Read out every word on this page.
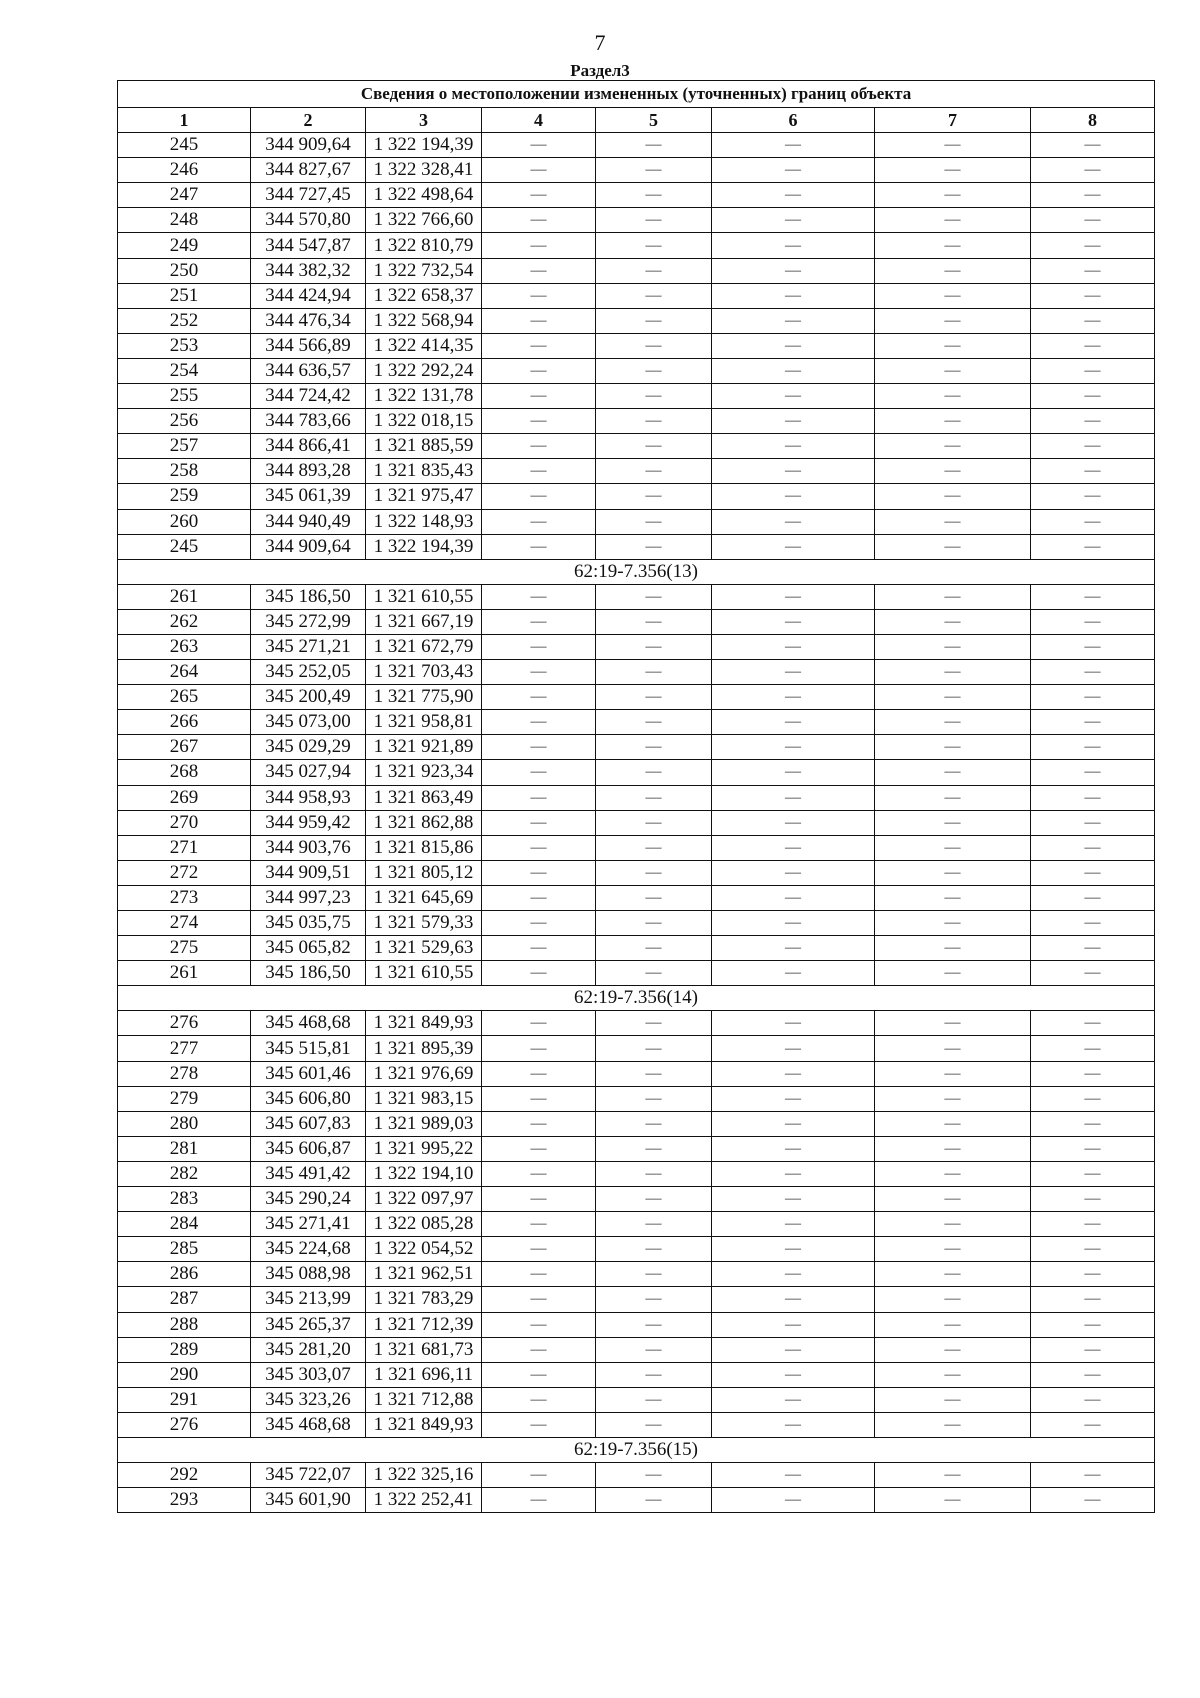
7
Раздел3
Сведения о местоположении измененных (уточненных) границ объекта							
1	2	3	4	5	6	7	8
245	344 909,64	1 322 194,39	—	—	—	—	—
246	344 827,67	1 322 328,41	—	—	—	—	—
247	344 727,45	1 322 498,64	—	—	—	—	—
248	344 570,80	1 322 766,60	—	—	—	—	—
249	344 547,87	1 322 810,79	—	—	—	—	—
250	344 382,32	1 322 732,54	—	—	—	—	—
251	344 424,94	1 322 658,37	—	—	—	—	—
252	344 476,34	1 322 568,94	—	—	—	—	—
253	344 566,89	1 322 414,35	—	—	—	—	—
254	344 636,57	1 322 292,24	—	—	—	—	—
255	344 724,42	1 322 131,78	—	—	—	—	—
256	344 783,66	1 322 018,15	—	—	—	—	—
257	344 866,41	1 321 885,59	—	—	—	—	—
258	344 893,28	1 321 835,43	—	—	—	—	—
259	345 061,39	1 321 975,47	—	—	—	—	—
260	344 940,49	1 322 148,93	—	—	—	—	—
245	344 909,64	1 322 194,39	—	—	—	—	—
62:19-7.356(13)							
261	345 186,50	1 321 610,55	—	—	—	—	—
262	345 272,99	1 321 667,19	—	—	—	—	—
263	345 271,21	1 321 672,79	—	—	—	—	—
264	345 252,05	1 321 703,43	—	—	—	—	—
265	345 200,49	1 321 775,90	—	—	—	—	—
266	345 073,00	1 321 958,81	—	—	—	—	—
267	345 029,29	1 321 921,89	—	—	—	—	—
268	345 027,94	1 321 923,34	—	—	—	—	—
269	344 958,93	1 321 863,49	—	—	—	—	—
270	344 959,42	1 321 862,88	—	—	—	—	—
271	344 903,76	1 321 815,86	—	—	—	—	—
272	344 909,51	1 321 805,12	—	—	—	—	—
273	344 997,23	1 321 645,69	—	—	—	—	—
274	345 035,75	1 321 579,33	—	—	—	—	—
275	345 065,82	1 321 529,63	—	—	—	—	—
261	345 186,50	1 321 610,55	—	—	—	—	—
62:19-7.356(14)							
276	345 468,68	1 321 849,93	—	—	—	—	—
277	345 515,81	1 321 895,39	—	—	—	—	—
278	345 601,46	1 321 976,69	—	—	—	—	—
279	345 606,80	1 321 983,15	—	—	—	—	—
280	345 607,83	1 321 989,03	—	—	—	—	—
281	345 606,87	1 321 995,22	—	—	—	—	—
282	345 491,42	1 322 194,10	—	—	—	—	—
283	345 290,24	1 322 097,97	—	—	—	—	—
284	345 271,41	1 322 085,28	—	—	—	—	—
285	345 224,68	1 322 054,52	—	—	—	—	—
286	345 088,98	1 321 962,51	—	—	—	—	—
287	345 213,99	1 321 783,29	—	—	—	—	—
288	345 265,37	1 321 712,39	—	—	—	—	—
289	345 281,20	1 321 681,73	—	—	—	—	—
290	345 303,07	1 321 696,11	—	—	—	—	—
291	345 323,26	1 321 712,88	—	—	—	—	—
276	345 468,68	1 321 849,93	—	—	—	—	—
62:19-7.356(15)							
292	345 722,07	1 322 325,16	—	—	—	—	—
293	345 601,90	1 322 252,41	—	—	—	—	—
